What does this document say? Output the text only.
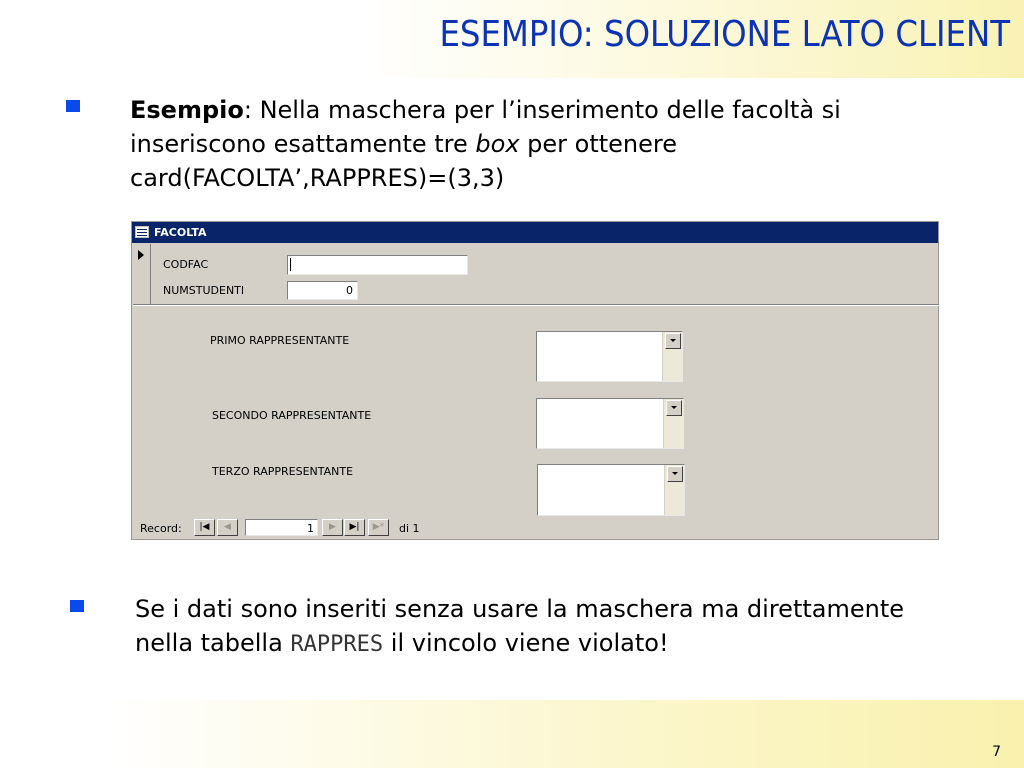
ESEMPIO: SOLUZIONE LATO CLIENT
Esempio: Nella maschera per l’inserimento delle facoltà si inseriscono esattamente tre box per ottenere card(FACOLTA’,RAPPRES)=(3,3)
FACOLTA
CODFAC
NUMSTUDENTI	0
PRIMO RAPPRESENTANTE
SECONDO RAPPRESENTANTE
TERZO RAPPRESENTANTE
Record:	|◀	◀	1	▶	▶|	▶*	di 1
Se i dati sono inseriti senza usare la maschera ma direttamente nella tabella RAPPRES il vincolo viene violato!
7
